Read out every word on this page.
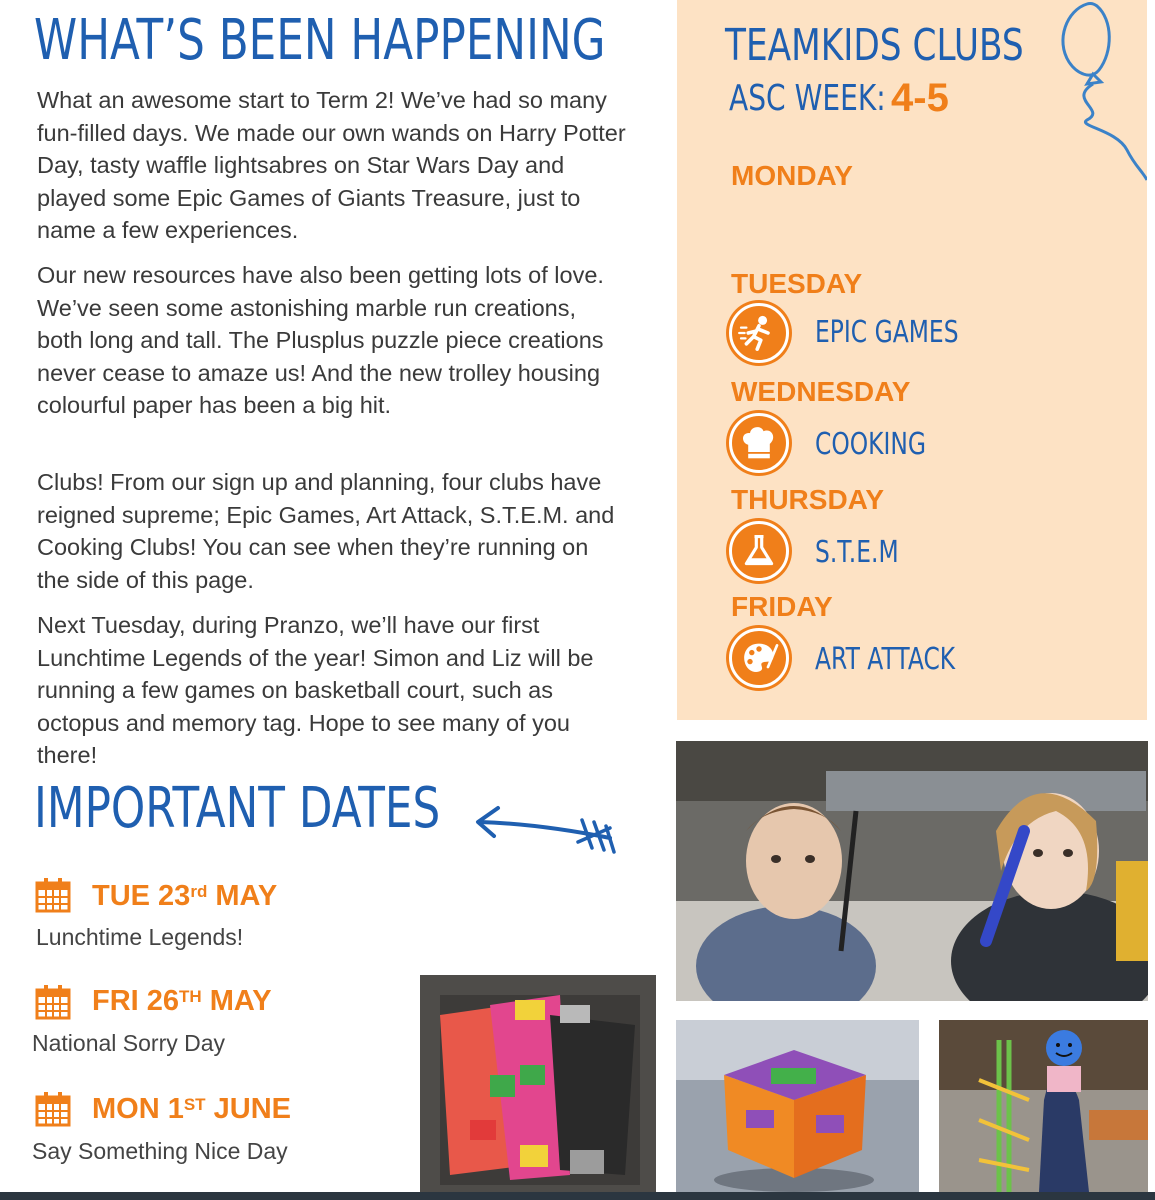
WHAT’S BEEN HAPPENING

What an awesome start to Term 2! We’ve had so many fun-filled days. We made our own wands on Harry Potter Day, tasty waffle lightsabres on Star Wars Day and played some Epic Games of Giants Treasure, just to name a few experiences.

Our new resources have also been getting lots of love. We’ve seen some astonishing marble run creations, both long and tall. The Plusplus puzzle piece creations never cease to amaze us! And the new trolley housing colourful paper has been a big hit.

Clubs! From our sign up and planning, four clubs have reigned supreme; Epic Games, Art Attack, S.T.E.M. and Cooking Clubs! You can see when they’re running on the side of this page.

Next Tuesday, during Pranzo, we’ll have our first Lunchtime Legends of the year! Simon and Liz will be running a few games on basketball court, such as octopus and memory tag. Hope to see many of you there!

IMPORTANT DATES
TUE 23rd MAY
Lunchtime Legends!
FRI 26TH MAY
National Sorry Day
MON 1ST JUNE
Say Something Nice Day
TEAMKIDS CLUBS
ASC WEEK: 4-5
MONDAY
TUESDAY
EPIC GAMES
WEDNESDAY
COOKING
THURSDAY
S.T.E.M
FRIDAY
ART ATTACK
